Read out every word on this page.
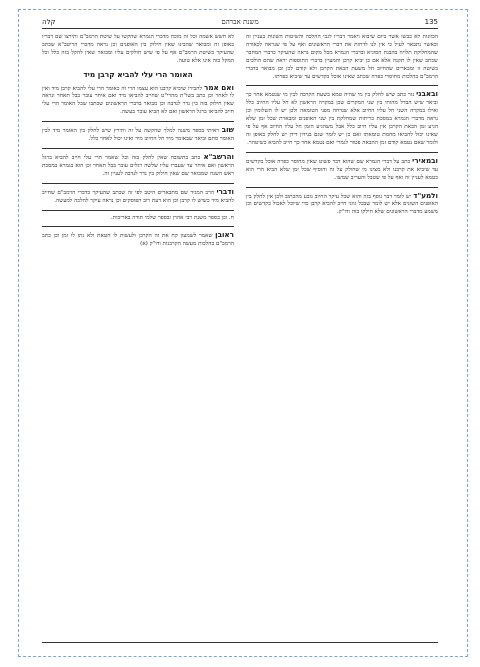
135
משנת אברהם
קלה

הכוונות לא כבשו אשר ביום שיבוא ויאמר דבריו לגבי ההלכה והשיטות השונות בעניין זה וכאשר נתבאר לעיל כי אין לנו לדחות את דברי הראשונים ואף על פי שנראה לכאורה שהמחלוקת תלויה בהבנת הסוגיא ובדברי הגמרא מכל מקום נראה שהעיקר כדברי המחבר שכתב שאין לו תקנה אלא אם כן יביא קרבן והמעיין בדברי התוספות יראה שהם הולכים בשיטה זו ומבארים שהחיוב חל משעת הבאת הקרבן ולא קודם לכן וכן מבואר בדברי הרמב"ם בהלכות מחוסרי כפרה שכתב שאינו אוכל בקדשים עד שיביא כפרתו.

ובאבני נזר כתב שיש לחלק בין מי שהיה טמא בשעת הקרבה לבין מי שנטמא אחר כך וביאר שיש הבדל מהותי בין שני המקרים שכן במקרה הראשון לא חל עליו החיוב כלל ואילו במקרה השני חל עליו החיוב אלא שנדחה מפני הטומאה ולכן יש לו תשלומין וכן נראה מדברי הגמרא במסכת כריתות שמחלקת בין שני האופנים ומבארת שכל זמן שלא הגיע זמן הבאת הקרבן אין עליו חיוב כלל אבל משהגיע הזמן חל עליו החיוב אף על פי שאינו יכול להביאו מחמת טומאתו ואם כן יש לומר שגם בנידון דידן יש לחלק באופן זה ולומר שאם נטמא קודם זמן ההבאה פטור לגמרי ואם נטמא אחר כך חייב להביא כשיטהר.

ובמאירי כתב על דברי הגמרא שם שהוא דבר פשוט שאין מחוסר כפרה אוכל בקדשים עד שיביא את קרבנו ולא מצינו מי שחולק על זה והוסיף שכל זמן שלא הביא הרי הוא כטמא לעניין זה ואף על פי שטבל והעריב שמשו.

ולמע"ד יש לומר דבר נוסף בזה והוא שכל עיקר החיוב נובע מהכתוב ולכן אין לחלק בין האופנים השונים אלא יש לומר שבכל גווני חייב להביא קרבן כדי שיוכל לאכול בקדשים וכן משמע מדברי הראשונים שלא חילקו בזה ודו"ק.

לא חשש אשמה וכל זה מוכח מדברי הגמרא שהקשו על שיטת הרמב"ם ותירצו שם דבריו באופן זה ומבואר שהבינו שאין חילוק בין האופנים וכן נראה מדברי הריטב"א שכתב שהעיקר כשיטת הרמב"ם אף על פי שיש חולקים עליו ומבואר שאין להקל בזה כלל וכל המקל בזה אינו אלא טועה.

האומר הרי עלי להביא קרבן מיד

ואם אמר לחבירו שיביא קרבנו הוא עצמו הרי זה כאומר הרי עלי להביא קרבן מיד ואין לו לאחר וכן כתב בשו"ת מהרי"ט שחייב להביאו מיד ואם איחר עובר בבל תאחר ונראה שאין חילוק בזה בין נדר לנדבה וכן מבואר בדברי הראשונים שכתבו שכל האומר הרי עלי חייב להביאו ברגל הראשון ואם לא הביא עובר בעשה.

שוב ראיתי בספר משנה למלך שהקשה על זה ותירץ שיש לחלק בין האומר מיד לבין האומר סתם וביאר שבאומר מיד חל החיוב מיד ואינו יכול לאחר כלל.

והרשב"א כתב בתשובה שאין לחלק בזה וכל שאמר הרי עלי חייב להביא ברגל הראשון ואם איחר עד שעברו עליו שלשה רגלים עובר בבל תאחר וכן הוא בגמרא במסכת ראש השנה שמבואר שם שאין חילוק בין נדר לנדבה לעניין זה.

ודברי הרב המגיד שם מתבארים היטב לפי זה שכתב שהעיקר כדברי הרמב"ם שחייב להביא מיד כשיש לו קרבן וכן הוא דעת רוב הפוסקים וכן נראה עיקר להלכה למעשה.

ח. וכן בספר משנת רבי אהרן ובספר שלמי תודה באריכות.

ראובן שאמר לשמעון קח את זה הקרבן ולעשות לו חטאת ולא נתן לו זמן וכן כתב הרמב"ם בהלכות מעשה הקרבנות ודו"ק (א)
